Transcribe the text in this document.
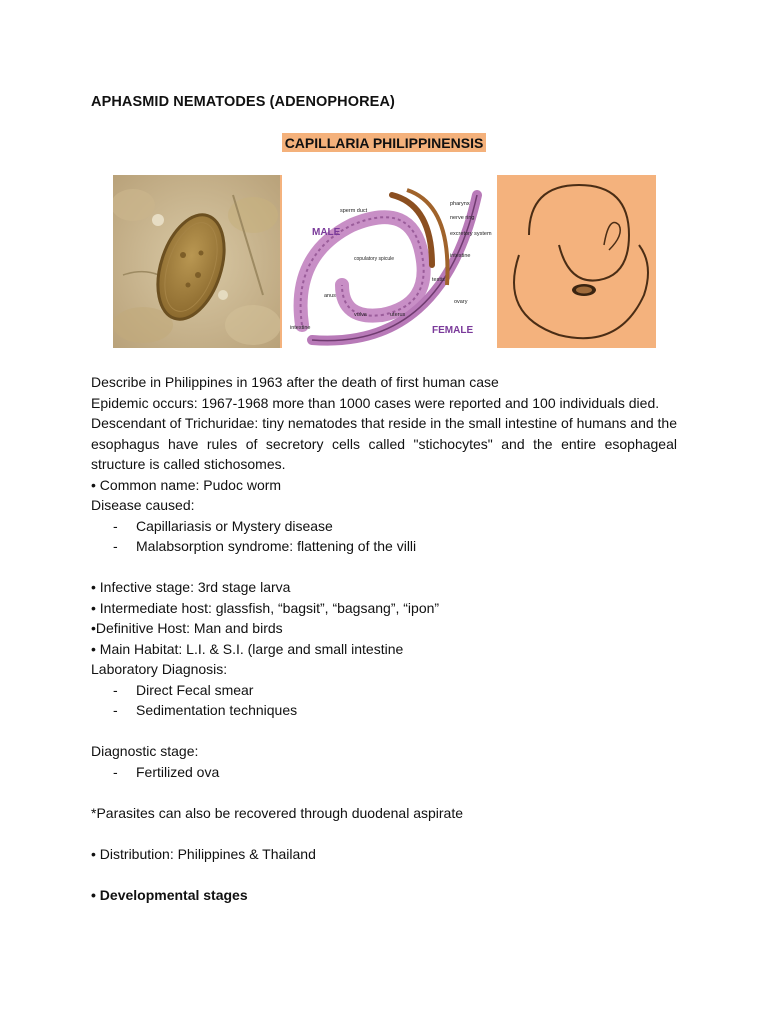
APHASMID NEMATODES (ADENOPHOREA)
CAPILLARIA PHILIPPINENSIS
MALE
FEMALE
sperm duct
pharynx
nerve ring
excretory system
intestine
testis
copulatory spicule
anus
ovary
vulva	uterus
intestine

Describe in Philippines in 1963 after the death of first human case

Epidemic occurs: 1967-1968 more than 1000 cases were reported and 100 individuals died.

Descendant of Trichuridae: tiny nematodes that reside in the small intestine of humans and the esophagus have rules of secretory cells called "stichocytes" and the entire esophageal structure is called stichosomes.

• Common name: Pudoc worm

Disease caused:

- Capillariasis or Mystery disease
- Malabsorption syndrome: flattening of the villi

• Infective stage: 3rd stage larva

• Intermediate host: glassfish, “bagsit”, “bagsang”, “ipon”

•Definitive Host: Man and birds

• Main Habitat: L.I. & S.I. (large and small intestine

Laboratory Diagnosis:

- Direct Fecal smear
- Sedimentation techniques

Diagnostic stage:

- Fertilized ova

*Parasites can also be recovered through duodenal aspirate

• Distribution: Philippines & Thailand

• Developmental stages
